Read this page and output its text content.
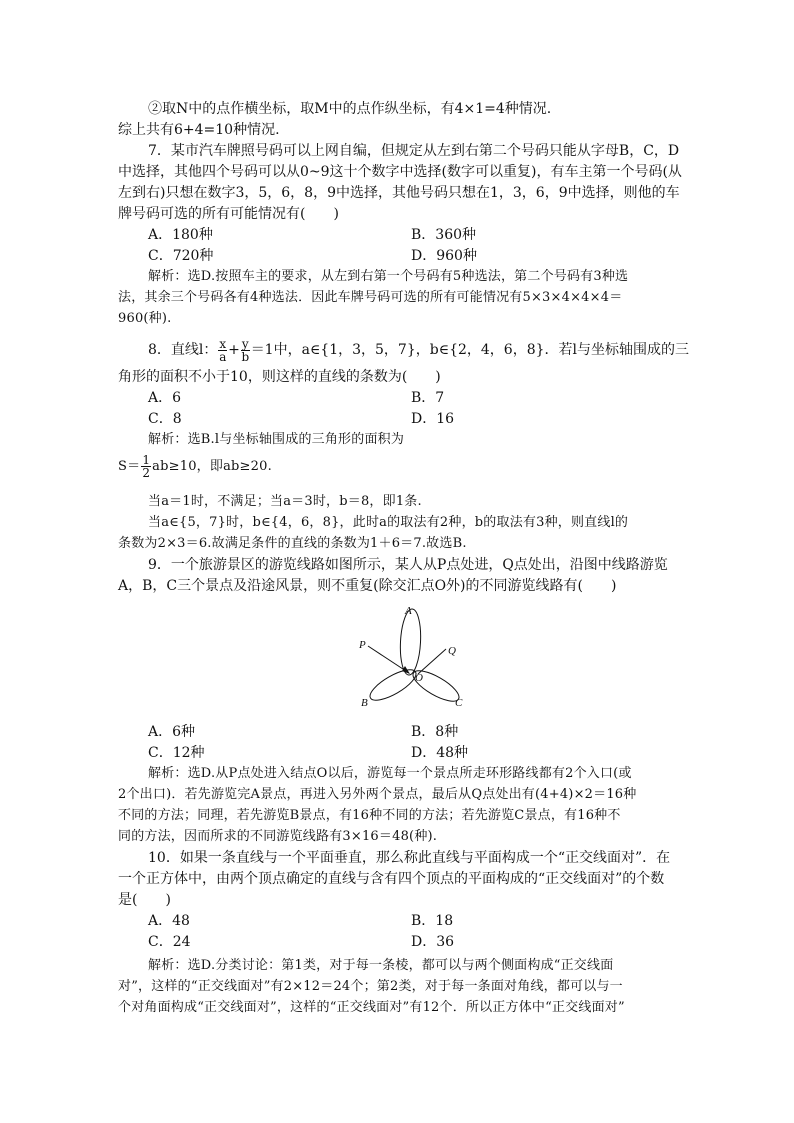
②取N中的点作横坐标，取M中的点作纵坐标，有4×1=4种情况.
综上共有6+4=10种情况.
7．某市汽车牌照号码可以上网自编，但规定从左到右第二个号码只能从字母B，C，D
中选择，其他四个号码可以从0~9这十个数字中选择(数字可以重复)，有车主第一个号码(从
左到右)只想在数字3，5，6，8，9中选择，其他号码只想在1，3，6，9中选择，则他的车
牌号码可选的所有可能情况有(　　)
A．180种	B．360种
C．720种	D．960种
解析：选D.按照车主的要求，从左到右第一个号码有5种选法，第二个号码有3种选
法，其余三个号码各有4种选法．因此车牌号码可选的所有可能情况有5×3×4×4×4＝
960(种).
8．直线l： $\frac{x}{a} + \frac{y}{b} =1$中，a∈{1，3，5，7}，b∈{2，4，6，8}．若l与坐标轴围成的三
角形的面积不小于10，则这样的直线的条数为(　　)
A．6	B．7
C．8	D．16
解析：选B.l与坐标轴围成的三角形的面积为
$S= \frac{1}{2} ab\ge 10$，即ab≥20.
当a＝1时，不满足；当a＝3时，b＝8，即1条.
当a∈{5，7}时，b∈{4，6，8}，此时a的取法有2种，b的取法有3种，则直线l的
条数为2×3＝6.故满足条件的直线的条数为1＋6＝7.故选B.
9．一个旅游景区的游览线路如图所示，某人从P点处进，Q点处出，沿图中线路游览
A，B，C三个景点及沿途风景，则不重复(除交汇点O外)的不同游览线路有(　　)
A
P	Q
O
B	C
A．6种	B．8种
C．12种	D．48种
解析：选D.从P点处进入结点O以后，游览每一个景点所走环形路线都有2个入口(或
2个出口)．若先游览完A景点，再进入另外两个景点，最后从Q点处出有(4+4)×2＝16种
不同的方法；同理，若先游览B景点，有16种不同的方法；若先游览C景点，有16种不
同的方法，因而所求的不同游览线路有3×16＝48(种).
10．如果一条直线与一个平面垂直，那么称此直线与平面构成一个“正交线面对”．在
一个正方体中，由两个顶点确定的直线与含有四个顶点的平面构成的“正交线面对”的个数
是(　　)
A．48	B．18
C．24	D．36
解析：选D.分类讨论：第1类，对于每一条棱，都可以与两个侧面构成“正交线面
对”，这样的“正交线面对”有2×12＝24个；第2类，对于每一条面对角线，都可以与一
个对角面构成“正交线面对”，这样的“正交线面对”有12个．所以正方体中“正交线面对”
